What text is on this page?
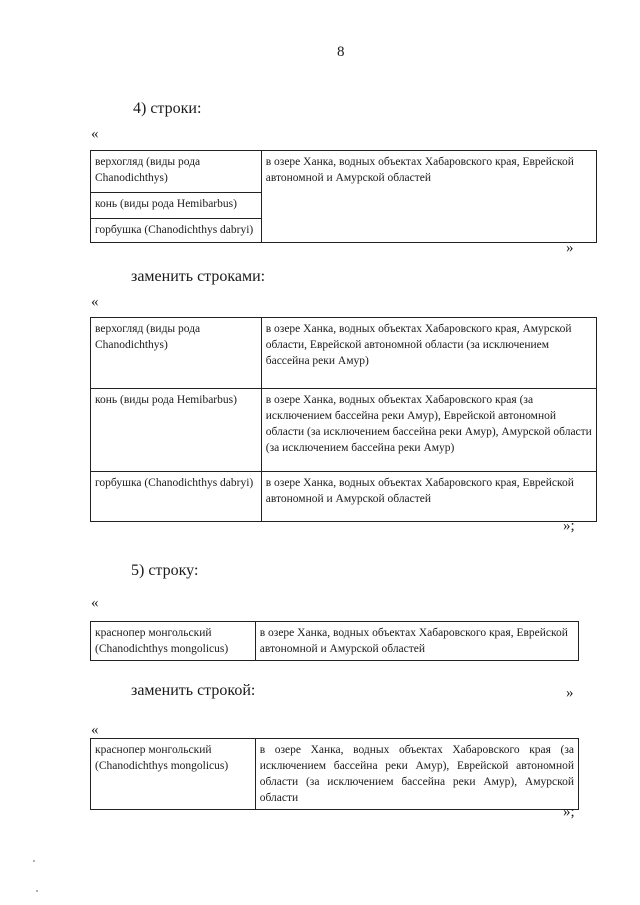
8

4) строки:

«

верхогляд (виды рода Chanodichthys)	в озере Ханка, водных объектах Хабаровского края, Еврейской автономной и Амурской областей
конь (виды рода Hemibarbus)
горбушка (Chanodichthys dabryi)

»

заменить строками:

«

верхогляд (виды рода Chanodichthys)	в озере Ханка, водных объектах Хабаровского края, Амурской области, Еврейской автономной области (за исключением бассейна реки Амур)
конь (виды рода Hemibarbus)	в озере Ханка, водных объектах Хабаровского края (за исключением бассейна реки Амур), Еврейской автономной области (за исключением бассейна реки Амур), Амурской области (за исключением бассейна реки Амур)
горбушка (Chanodichthys dabryi)	в озере Ханка, водных объектах Хабаровского края, Еврейской автономной и Амурской областей

»;

5) строку:

«

краснопер монгольский (Chanodichthys mongolicus)	в озере Ханка, водных объектах Хабаровского края, Еврейской автономной и Амурской областей

»

заменить строкой:

«

краснопер монгольский (Chanodichthys mongolicus)	в озере Ханка, водных объектах Хабаровского края (за исключением бассейна реки Амур), Еврейской автономной области (за исключением бассейна реки Амур), Амурской области

»;
